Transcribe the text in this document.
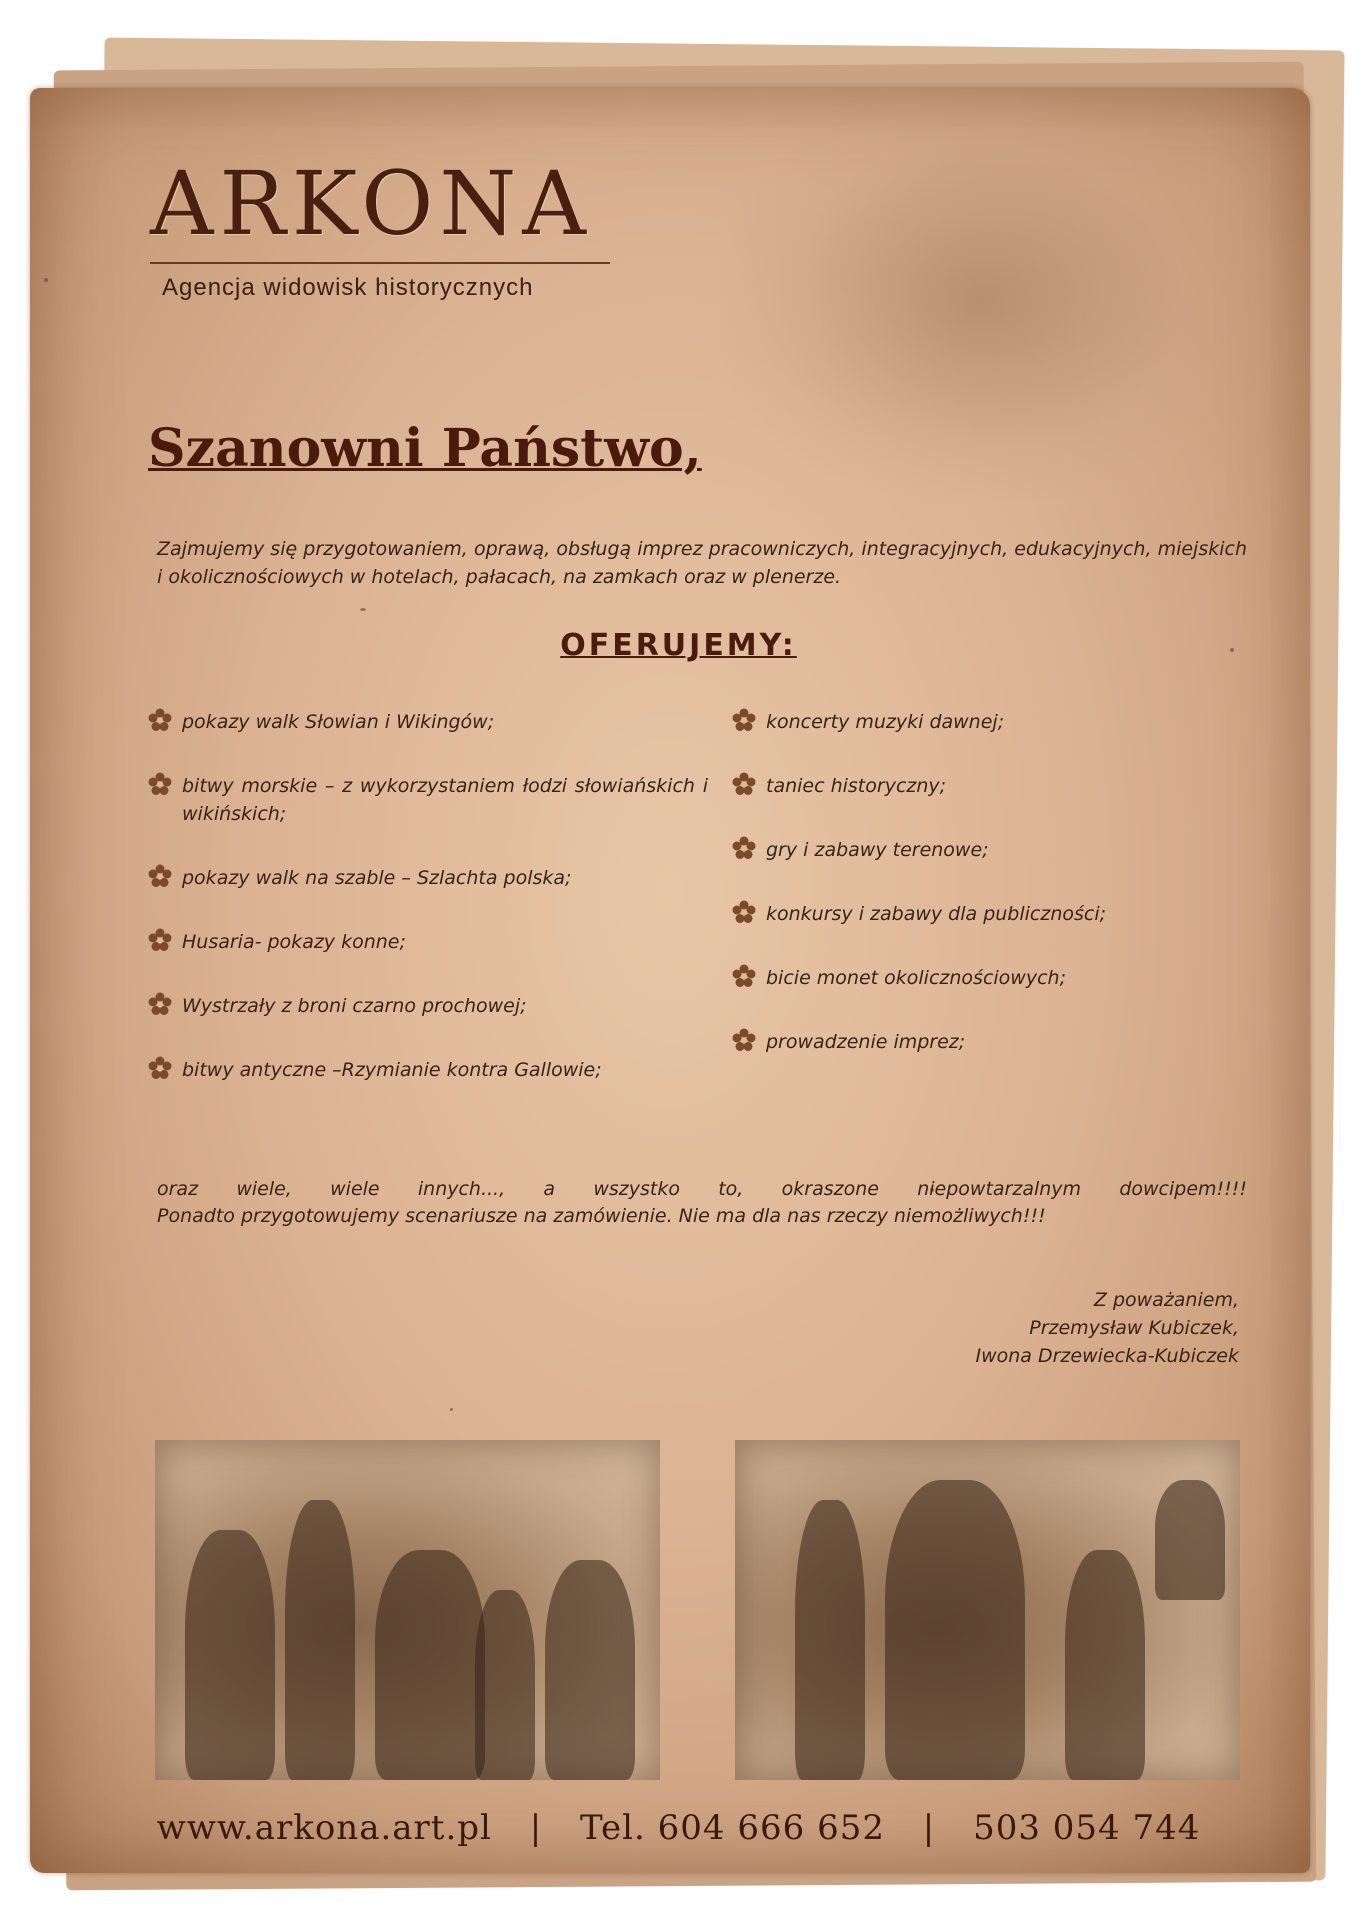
ARKONA
Agencja widowisk historycznych
Szanowni Państwo,
Zajmujemy się przygotowaniem, oprawą, obsługą imprez pracowniczych, integracyjnych, edukacyjnych, miejskich i okolicznościowych w hotelach, pałacach, na zamkach oraz w plenerze.
OFERUJEMY:
pokazy walk Słowian i Wikingów;
bitwy morskie – z wykorzystaniem łodzi słowiańskich i wikińskich;
pokazy walk na szable – Szlachta polska;
Husaria- pokazy konne;
Wystrzały z broni czarno prochowej;
bitwy antyczne –Rzymianie kontra Gallowie;
koncerty muzyki dawnej;
taniec historyczny;
gry i zabawy terenowe;
konkursy i zabawy dla publiczności;
bicie monet okolicznościowych;
prowadzenie imprez;
oraz wiele, wiele innych..., a wszystko to, okraszone niepowtarzalnym dowcipem!!!!
Ponadto przygotowujemy scenariusze na zamówienie. Nie ma dla nas rzeczy niemożliwych!!!
Z poważaniem,
Przemysław Kubiczek,
Iwona Drzewiecka-Kubiczek
www.arkona.art.pl | Tel. 604 666 652 | 503 054 744
